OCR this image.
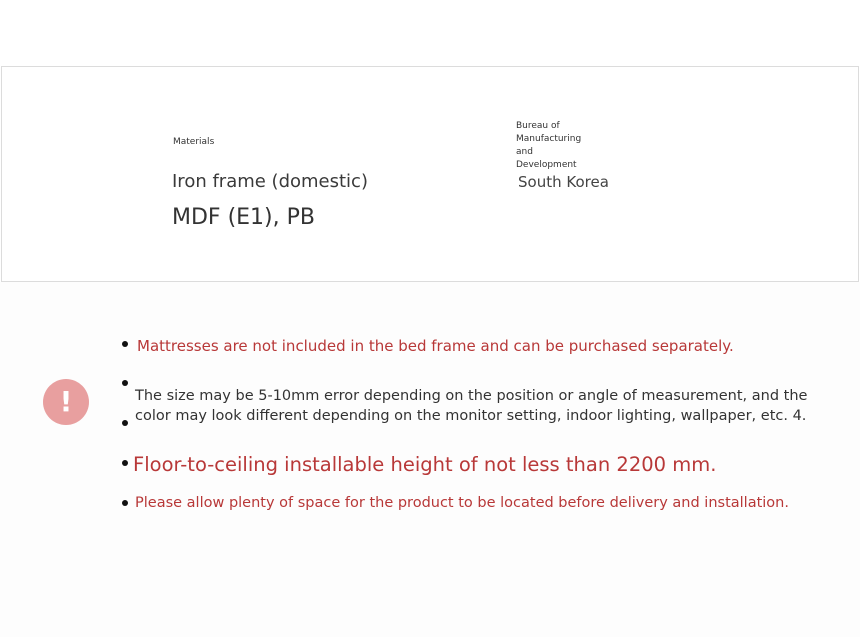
Materials
Iron frame (domestic)
MDF (E1), PB
Bureau of Manufacturing and Development
South Korea
!
Mattresses are not included in the bed frame and can be purchased separately.
The size may be 5-10mm error depending on the position or angle of measurement, and the color may look different depending on the monitor setting, indoor lighting, wallpaper, etc. 4.
Floor-to-ceiling installable height of not less than 2200 mm.
Please allow plenty of space for the product to be located before delivery and installation.
